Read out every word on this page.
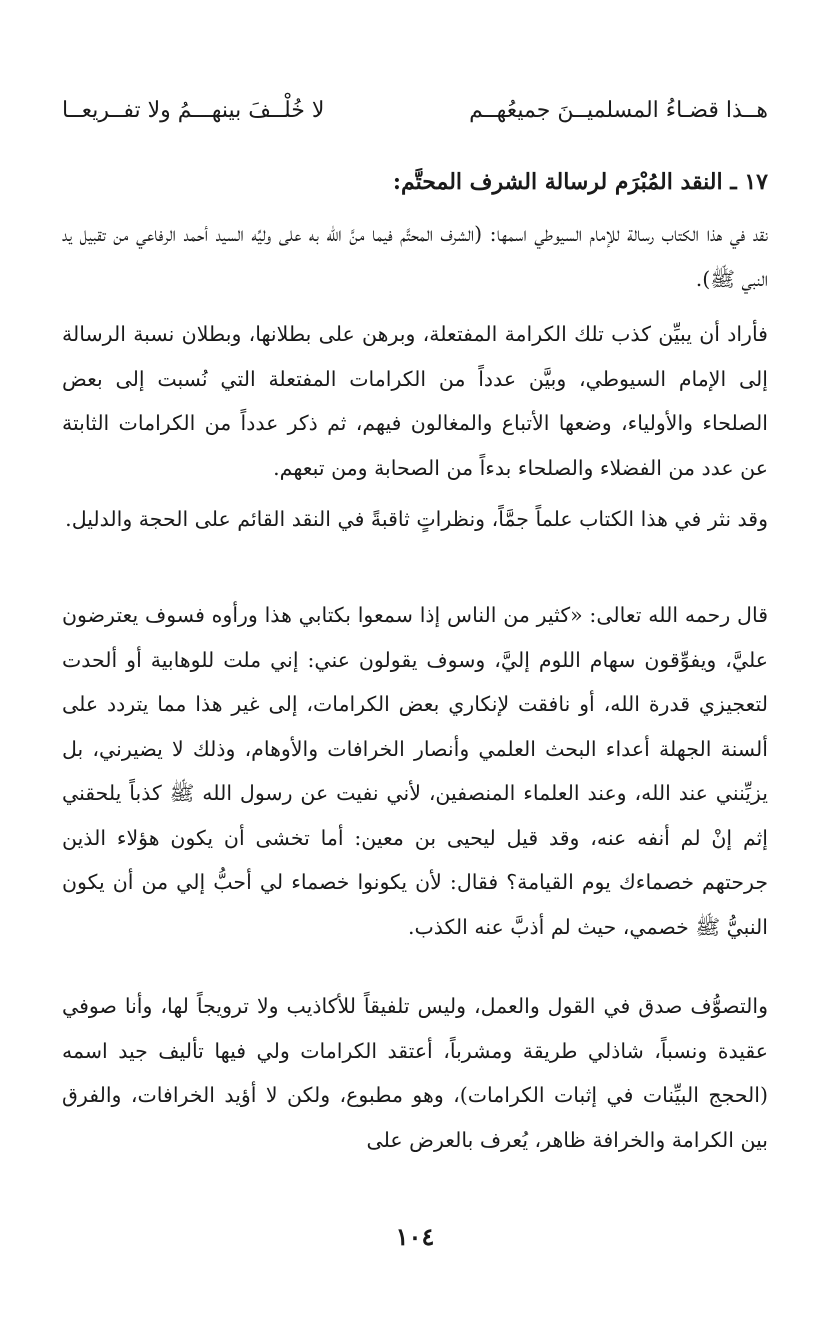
هــذا قضـاءُ المسلميــنَ جميعُهــم
لا خُلْــفَ بينهـــمُ ولا تفــريعــا
١٧ ـ النقد المُبْرَم لرسالة الشرف المحتَّم:

نقد في هذا الكتاب رسالة للإمام السيوطي اسمها: (الشرف المحتَّم فيما منَّ الله به على وليِّه السيد أحمد الرفاعي من تقبيل يد النبي ﷺ).

فأراد أن يبيِّن كذب تلك الكرامة المفتعلة، وبرهن على بطلانها، وبطلان نسبة الرسالة إلى الإمام السيوطي، وبيَّن عدداً من الكرامات المفتعلة التي نُسبت إلى بعض الصلحاء والأولياء، وضعها الأتباع والمغالون فيهم، ثم ذكر عدداً من الكرامات الثابتة عن عدد من الفضلاء والصلحاء بدءاً من الصحابة ومن تبعهم.

وقد نثر في هذا الكتاب علماً جمَّاً، ونظراتٍ ثاقبةً في النقد القائم على الحجة والدليل.

قال رحمه الله تعالى: «كثير من الناس إذا سمعوا بكتابي هذا ورأوه فسوف يعترضون عليَّ، ويفوِّقون سهام اللوم إليَّ، وسوف يقولون عني: إني ملت للوهابية أو ألحدت لتعجيزي قدرة الله، أو نافقت لإنكاري بعض الكرامات، إلى غير هذا مما يتردد على ألسنة الجهلة أعداء البحث العلمي وأنصار الخرافات والأوهام، وذلك لا يضيرني، بل يزيِّنني عند الله، وعند العلماء المنصفين، لأني نفيت عن رسول الله ﷺ كذباً يلحقني إثم إنْ لم أنفه عنه، وقد قيل ليحيى بن معين: أما تخشى أن يكون هؤلاء الذين جرحتهم خصماءك يوم القيامة؟ فقال: لأن يكونوا خصماء لي أحبُّ إلي من أن يكون النبيُّ ﷺ خصمي، حيث لم أذبَّ عنه الكذب.

والتصوُّف صدق في القول والعمل، وليس تلفيقاً للأكاذيب ولا ترويجاً لها، وأنا صوفي عقيدة ونسباً، شاذلي طريقة ومشرباً، أعتقد الكرامات ولي فيها تأليف جيد اسمه (الحجج البيِّنات في إثبات الكرامات)، وهو مطبوع، ولكن لا أؤيد الخرافات، والفرق بين الكرامة والخرافة ظاهر، يُعرف بالعرض على

١٠٤
